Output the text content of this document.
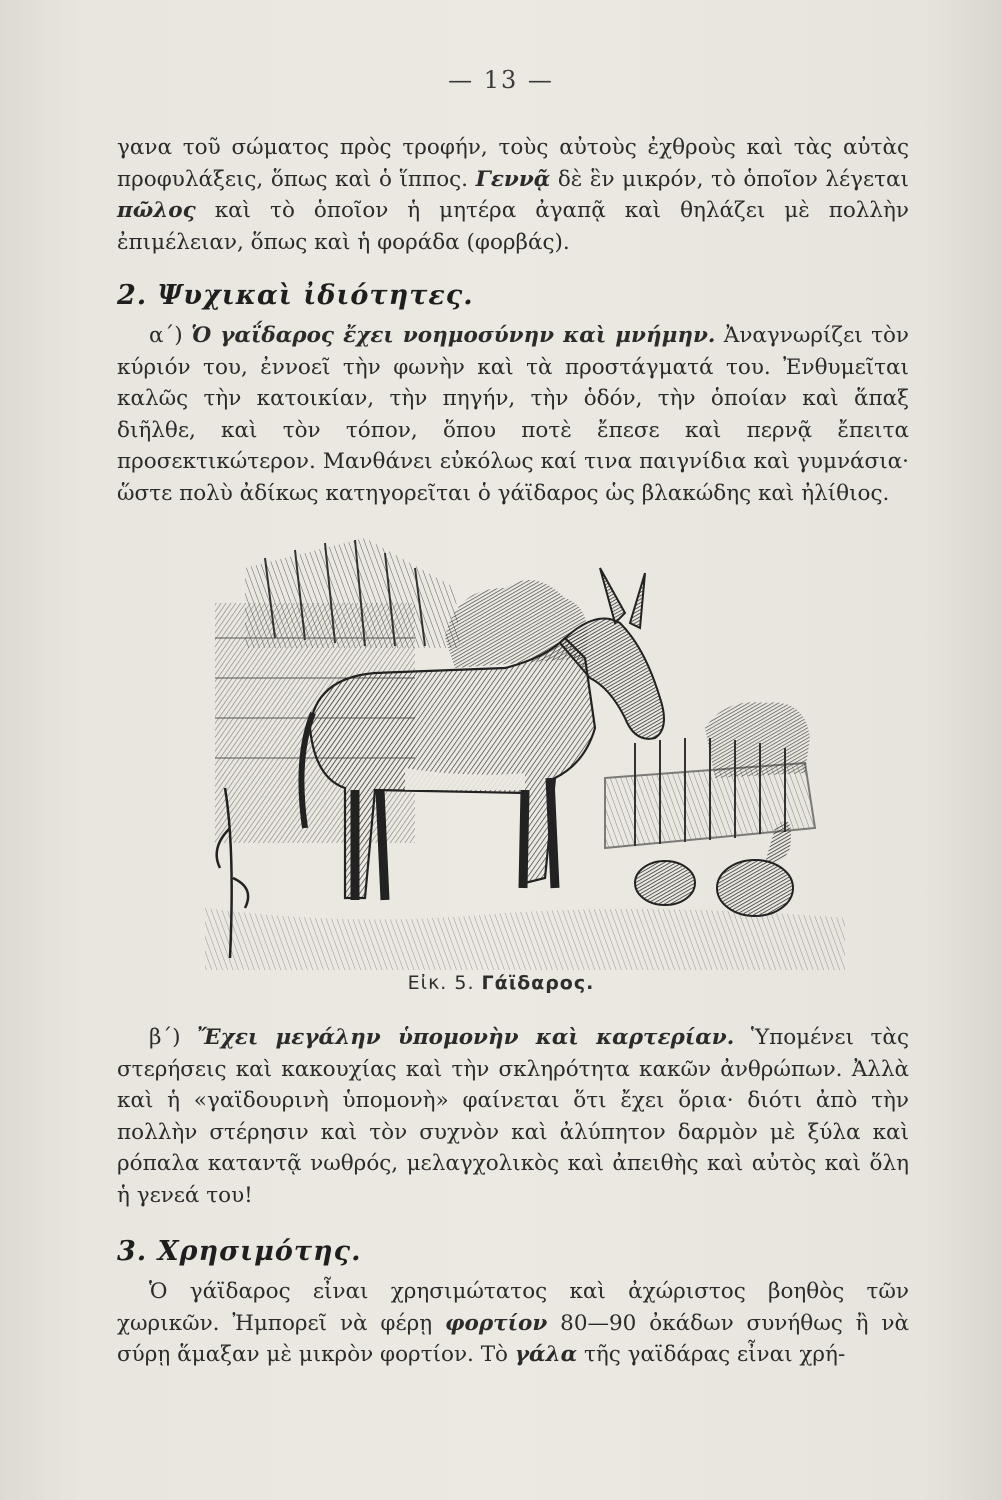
— 13 —

γανα τοῦ σώματος πρὸς τροφήν, τοὺς αὐτοὺς ἐχθροὺς καὶ τὰς αὐτὰς προφυλάξεις, ὅπως καὶ ὁ ἵππος. Γεννᾷ δὲ ἓν μικρόν, τὸ ὁποῖον λέγεται πῶλος καὶ τὸ ὁποῖον ἡ μητέρα ἀγαπᾷ καὶ θηλάζει μὲ πολλὴν ἐπιμέλειαν, ὅπως καὶ ἡ φοράδα (φορβάς).

2. Ψυχικαὶ ἰδιότητες.

α΄) Ὁ γαΐδαρος ἔχει νοημοσύνην καὶ μνήμην. Ἀναγνωρίζει τὸν κύριόν του, ἐννοεῖ τὴν φωνὴν καὶ τὰ προστάγματά του. Ἐνθυμεῖται καλῶς τὴν κατοικίαν, τὴν πηγήν, τὴν ὁδόν, τὴν ὁποίαν καὶ ἅπαξ διῆλθε, καὶ τὸν τόπον, ὅπου ποτὲ ἔπεσε καὶ περνᾷ ἔπειτα προσεκτικώτερον. Μανθάνει εὐκόλως καί τινα παιγνίδια καὶ γυμνάσια· ὥστε πολὺ ἀδίκως κατηγορεῖται ὁ γάϊδαρος ὡς βλακώδης καὶ ἠλίθιος.

Εἰκ. 5. Γάϊδαρος.

β΄) Ἔχει μεγάλην ὑπομονὴν καὶ καρτερίαν. Ὑπομένει τὰς στερήσεις καὶ κακουχίας καὶ τὴν σκληρότητα κακῶν ἀνθρώπων. Ἀλλὰ καὶ ἡ «γαϊδουρινὴ ὑπομονὴ» φαίνεται ὅτι ἔχει ὅρια· διότι ἀπὸ τὴν πολλὴν στέρησιν καὶ τὸν συχνὸν καὶ ἀλύπητον δαρμὸν μὲ ξύλα καὶ ρόπαλα καταντᾷ νωθρός, μελαγχολικὸς καὶ ἀπειθὴς καὶ αὐτὸς καὶ ὅλη ἡ γενεά του!

3. Χρησιμότης.

Ὁ γάϊδαρος εἶναι χρησιμώτατος καὶ ἀχώριστος βοηθὸς τῶν χωρικῶν. Ἠμπορεῖ νὰ φέρῃ φορτίον 80—90 ὀκάδων συνήθως ἢ νὰ σύρῃ ἅμαξαν μὲ μικρὸν φορτίον. Τὸ γάλα τῆς γαϊδάρας εἶναι χρή-
